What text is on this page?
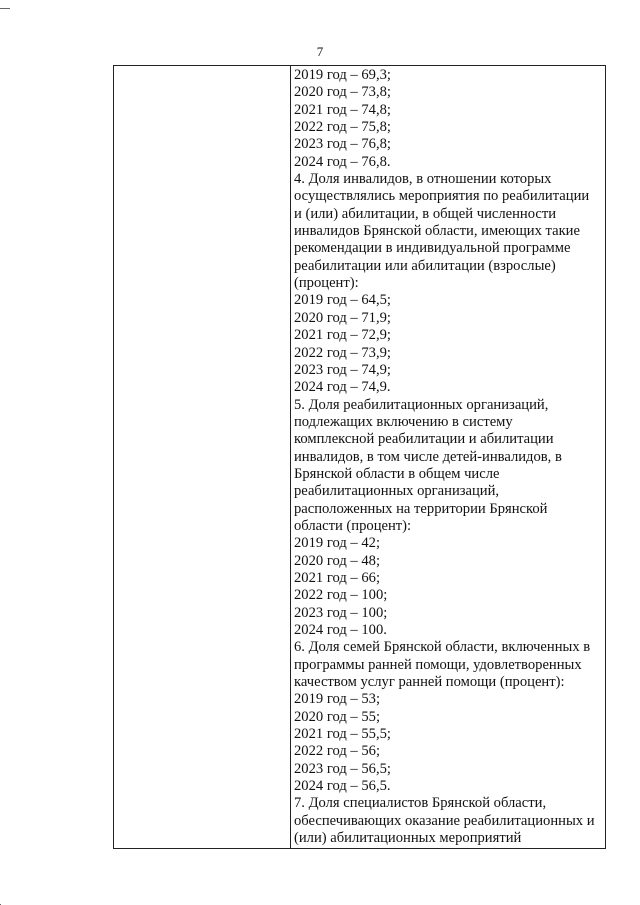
7
2019 год – 69,3;
2020 год – 73,8;
2021 год – 74,8;
2022 год – 75,8;
2023 год – 76,8;
2024 год – 76,8.
4. Доля инвалидов, в отношении которых
осуществлялись мероприятия по реабилитации
и (или) абилитации, в общей численности
инвалидов Брянской области, имеющих такие
рекомендации в индивидуальной программе
реабилитации или абилитации (взрослые)
(процент):
2019 год – 64,5;
2020 год – 71,9;
2021 год – 72,9;
2022 год – 73,9;
2023 год – 74,9;
2024 год – 74,9.
5. Доля реабилитационных организаций,
подлежащих включению в систему
комплексной реабилитации и абилитации
инвалидов, в том числе детей-инвалидов, в
Брянской области в общем числе
реабилитационных организаций,
расположенных на территории Брянской
области (процент):
2019 год – 42;
2020 год – 48;
2021 год – 66;
2022 год – 100;
2023 год – 100;
2024 год – 100.
6. Доля семей Брянской области, включенных в
программы ранней помощи, удовлетворенных
качеством услуг ранней помощи (процент):
2019 год – 53;
2020 год – 55;
2021 год – 55,5;
2022 год – 56;
2023 год – 56,5;
2024 год – 56,5.
7. Доля специалистов Брянской области,
обеспечивающих оказание реабилитационных и
(или) абилитационных мероприятий
